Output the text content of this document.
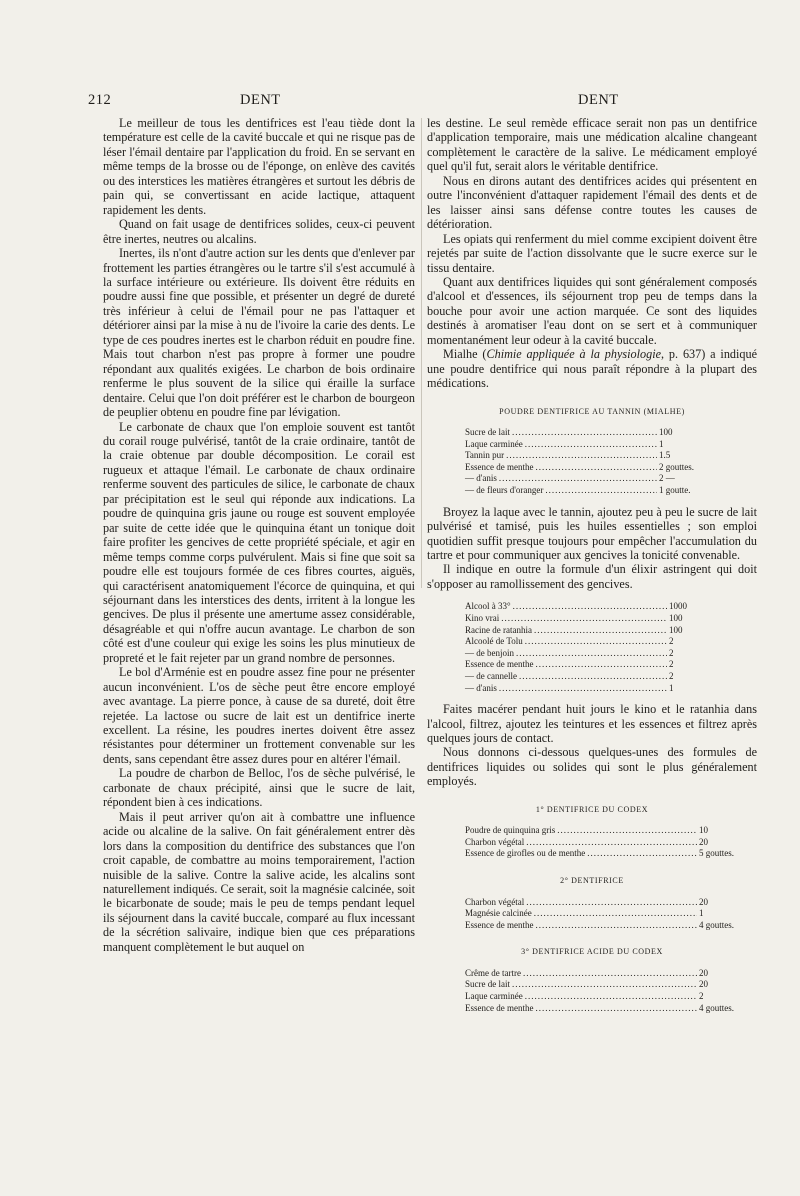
212	DENT	DENT

Le meilleur de tous les dentifrices est l'eau tiède dont la température est celle de la cavité buccale et qui ne risque pas de léser l'émail dentaire par l'application du froid. En se servant en même temps de la brosse ou de l'éponge, on enlève des cavités ou des interstices les matières étrangères et surtout les débris de pain qui, se convertissant en acide lactique, attaquent rapidement les dents.

Quand on fait usage de dentifrices solides, ceux-ci peuvent être inertes, neutres ou alcalins.

Inertes, ils n'ont d'autre action sur les dents que d'enlever par frottement les parties étrangères ou le tartre s'il s'est accumulé à la surface intérieure ou extérieure. Ils doivent être réduits en poudre aussi fine que possible, et présenter un degré de dureté très inférieur à celui de l'émail pour ne pas l'attaquer et détériorer ainsi par la mise à nu de l'ivoire la carie des dents. Le type de ces poudres inertes est le charbon réduit en poudre fine. Mais tout charbon n'est pas propre à former une poudre répondant aux qualités exigées. Le charbon de bois ordinaire renferme le plus souvent de la silice qui éraille la surface dentaire. Celui que l'on doit préférer est le charbon de bourgeon de peuplier obtenu en poudre fine par lévigation.

Le carbonate de chaux que l'on emploie souvent est tantôt du corail rouge pulvérisé, tantôt de la craie ordinaire, tantôt de la craie obtenue par double décomposition. Le corail est rugueux et attaque l'émail. Le carbonate de chaux ordinaire renferme souvent des particules de silice, le carbonate de chaux par précipitation est le seul qui réponde aux indications. La poudre de quinquina gris jaune ou rouge est souvent employée par suite de cette idée que le quinquina étant un tonique doit faire profiter les gencives de cette propriété spéciale, et agir en même temps comme corps pulvérulent. Mais si fine que soit sa poudre elle est toujours formée de ces fibres courtes, aiguës, qui caractérisent anatomiquement l'écorce de quinquina, et qui séjournant dans les interstices des dents, irritent à la longue les gencives. De plus il présente une amertume assez considérable, désagréable et qui n'offre aucun avantage. Le charbon de son côté est d'une couleur qui exige les soins les plus minutieux de propreté et le fait rejeter par un grand nombre de personnes.

Le bol d'Arménie est en poudre assez fine pour ne présenter aucun inconvénient. L'os de sèche peut être encore employé avec avantage. La pierre ponce, à cause de sa dureté, doit être rejetée. La lactose ou sucre de lait est un dentifrice inerte excellent. La résine, les poudres inertes doivent être assez résistantes pour déterminer un frottement convenable sur les dents, sans cependant être assez dures pour en altérer l'émail.

La poudre de charbon de Belloc, l'os de sèche pulvérisé, le carbonate de chaux précipité, ainsi que le sucre de lait, répondent bien à ces indications.

Mais il peut arriver qu'on ait à combattre une influence acide ou alcaline de la salive. On fait généralement entrer dès lors dans la composition du dentifrice des substances que l'on croit capable, de combattre au moins temporairement, l'action nuisible de la salive. Contre la salive acide, les alcalins sont naturellement indiqués. Ce serait, soit la magnésie calcinée, soit le bicarbonate de soude; mais le peu de temps pendant lequel ils séjournent dans la cavité buccale, comparé au flux incessant de la sécrétion salivaire, indique bien que ces préparations manquent complètement le but auquel on

les destine. Le seul remède efficace serait non pas un dentifrice d'application temporaire, mais une médication alcaline changeant complètement le caractère de la salive. Le médicament employé quel qu'il fut, serait alors le véritable dentifrice.

Nous en dirons autant des dentifrices acides qui présentent en outre l'inconvénient d'attaquer rapidement l'émail des dents et de les laisser ainsi sans défense contre toutes les causes de détérioration.

Les opiats qui renferment du miel comme excipient doivent être rejetés par suite de l'action dissolvante que le sucre exerce sur le tissu dentaire.

Quant aux dentifrices liquides qui sont généralement composés d'alcool et d'essences, ils séjournent trop peu de temps dans la bouche pour avoir une action marquée. Ce sont des liquides destinés à aromatiser l'eau dont on se sert et à communiquer momentanément leur odeur à la cavité buccale.

Mialhe (Chimie appliquée à la physiologie, p. 637) a indiqué une poudre dentifrice qui nous paraît répondre à la plupart des médications.

POUDRE DENTIFRICE AU TANNIN (MIALHE)
Sucre de lait .....	100
Laque carminée .....	1
Tannin pur .....	1.5
Essence de menthe .....	2 gouttes.
— d'anis .....	2 —
— de fleurs d'oranger .....	1 goutte.

Broyez la laque avec le tannin, ajoutez peu à peu le sucre de lait pulvérisé et tamisé, puis les huiles essentielles ; son emploi quotidien suffit presque toujours pour empêcher l'accumulation du tartre et pour communiquer aux gencives la tonicité convenable.

Il indique en outre la formule d'un élixir astringent qui doit s'opposer au ramollissement des gencives.

Alcool à 33° .....	1000
Kino vrai .....	100
Racine de ratanhia .....	100
Alcoolé de Tolu .....	2
— de benjoin .....	2
Essence de menthe .....	2
— de cannelle .....	2
— d'anis .....	1

Faites macérer pendant huit jours le kino et le ratanhia dans l'alcool, filtrez, ajoutez les teintures et les essences et filtrez après quelques jours de contact.

Nous donnons ci-dessous quelques-unes des formules de dentifrices liquides ou solides qui sont le plus généralement employés.

1° DENTIFRICE DU CODEX
Poudre de quinquina gris .....	10
Charbon végétal .....	20
Essence de girofles ou de menthe .....	5 gouttes.
2° DENTIFRICE
Charbon végétal .....	20
Magnésie calcinée .....	1
Essence de menthe .....	4 gouttes.
3° DENTIFRICE ACIDE DU CODEX
Crême de tartre .....	20
Sucre de lait .....	20
Laque carminée .....	2
Essence de menthe .....	4 gouttes.
